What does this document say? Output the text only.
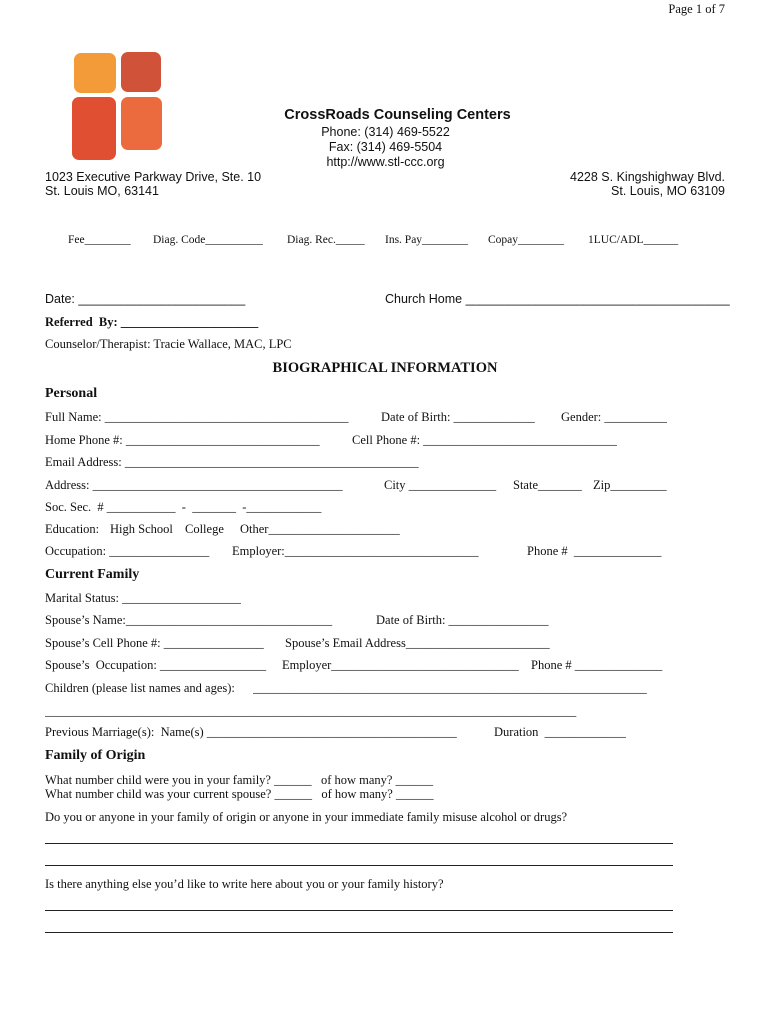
Page 1 of 7
CrossRoads Counseling Centers
Phone: (314) 469-5522
Fax: (314) 469-5504
http://www.stl-ccc.org
1023 Executive Parkway Drive, Ste. 10
St. Louis MO, 63141
4228 S. Kingshighway Blvd.
St. Louis, MO 63109
Fee________ Diag. Code__________ Diag. Rec._____ Ins. Pay________ Copay________ 1LUC/ADL______
Date: ________________________	Church Home ______________________________________
Referred  By: ______________________
Counselor/Therapist: Tracie Wallace, MAC, LPC
BIOGRAPHICAL INFORMATION
Personal
Full Name: _______________________________________	Date of Birth: _____________ Gender: __________
Home Phone #: _______________________________	Cell Phone #: _______________________________
Email Address: _______________________________________________
Address: ________________________________________	City ______________ State_______ Zip_________
Soc. Sec.  # ___________  -  _______  -____________
Education: High School College Other_____________________
Occupation: ________________ Employer:_______________________________	Phone #  ______________
Current Family
Marital Status: ___________________
Spouse’s Name:_________________________________	Date of Birth: ________________
Spouse’s Cell Phone #: ________________ Spouse’s Email Address_______________________
Spouse’s  Occupation: _________________ Employer______________________________ Phone # ______________
Children (please list names and ages): _______________________________________________________________
_____________________________________________________________________________________
Previous Marriage(s):  Name(s) ________________________________________	Duration  _____________
Family of Origin
What number child were you in your family? ______   of how many? ______
What number child was your current spouse? ______   of how many? ______
Do you or anyone in your family of origin or anyone in your immediate family misuse alcohol or drugs?
Is there anything else you’d like to write here about you or your family history?
